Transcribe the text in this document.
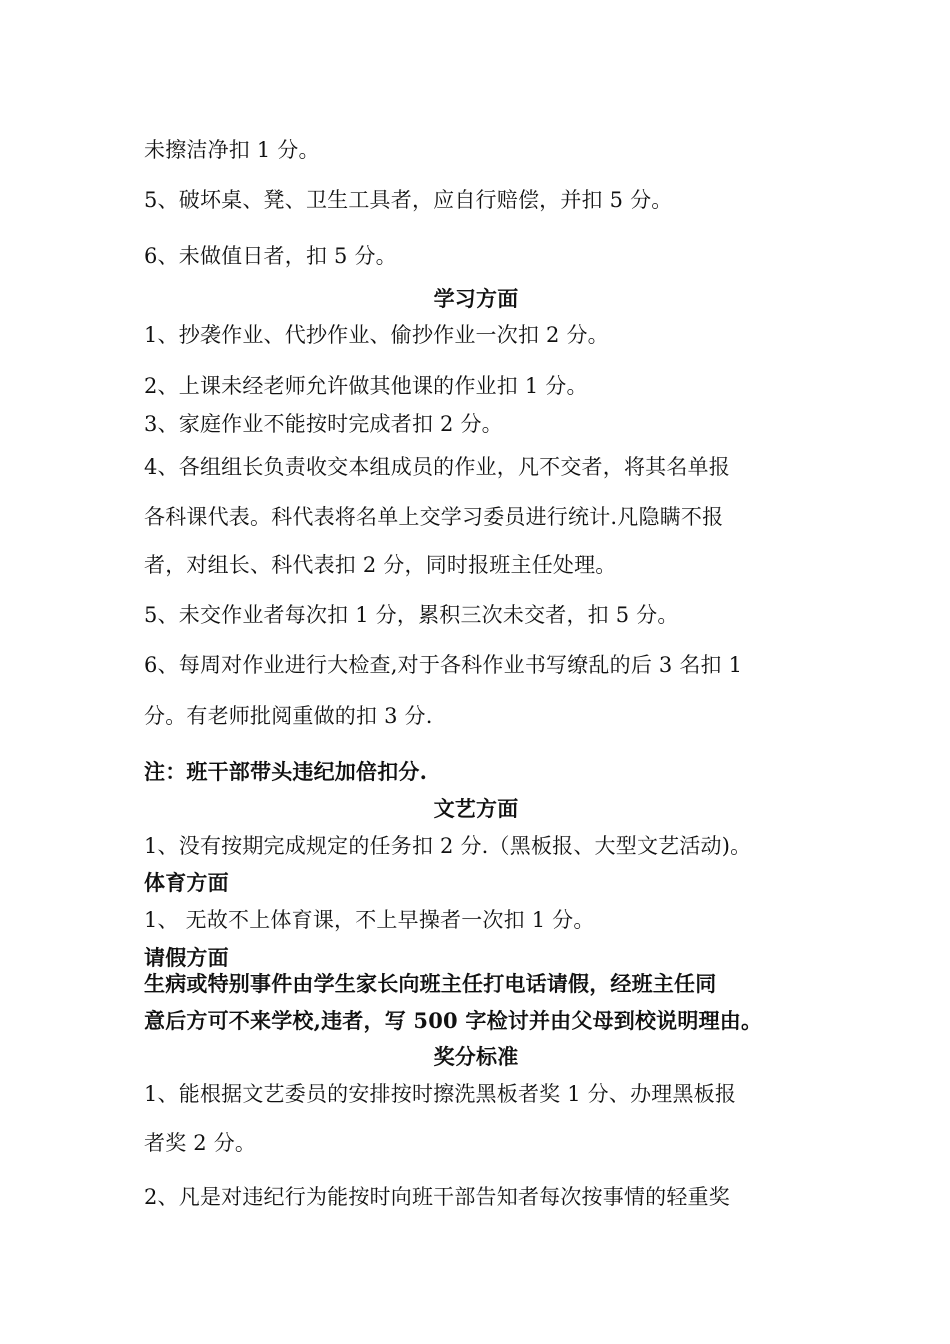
未擦洁净扣 1 分。
5、破坏桌、凳、卫生工具者，应自行赔偿，并扣 5 分。
6、未做值日者，扣 5 分。
学习方面
1、抄袭作业、代抄作业、偷抄作业一次扣 2 分。
2、上课未经老师允许做其他课的作业扣 1 分。
3、家庭作业不能按时完成者扣 2 分。
4、各组组长负责收交本组成员的作业，凡不交者，将其名单报
各科课代表。科代表将名单上交学习委员进行统计.凡隐瞒不报
者，对组长、科代表扣 2 分，同时报班主任处理。
5、未交作业者每次扣 1 分，累积三次未交者，扣 5 分。
6、每周对作业进行大检查,对于各科作业书写缭乱的后 3 名扣 1
分。有老师批阅重做的扣 3 分.
注：班干部带头违纪加倍扣分.
文艺方面
1、没有按期完成规定的任务扣 2 分.（黑板报、大型文艺活动)。
体育方面
1、 无故不上体育课，不上早操者一次扣 1 分。
请假方面
生病或特别事件由学生家长向班主任打电话请假，经班主任同
意后方可不来学校,违者，写 500 字检讨并由父母到校说明理由。
奖分标准
1、能根据文艺委员的安排按时擦洗黑板者奖 1 分、办理黑板报
者奖 2 分。
2、凡是对违纪行为能按时向班干部告知者每次按事情的轻重奖
